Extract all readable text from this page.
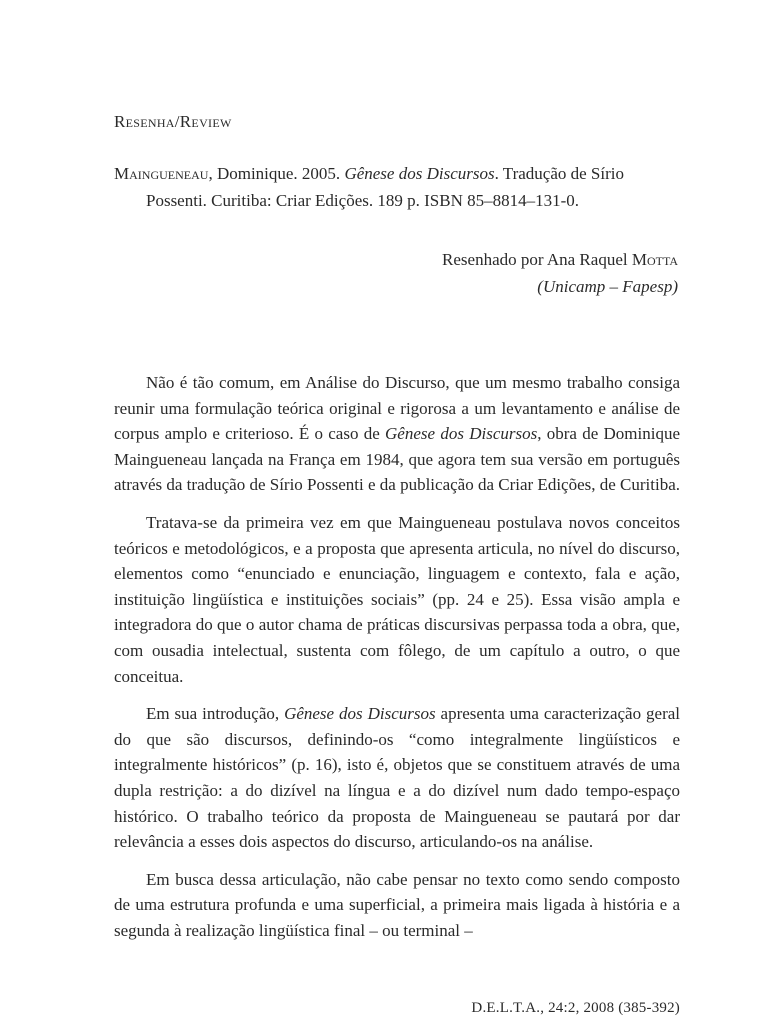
Resenha/Review
Maingueneau, Dominique. 2005. Gênese dos Discursos. Tradução de Sírio Possenti. Curitiba: Criar Edições. 189 p. ISBN 85–8814–131-0.
Resenhado por Ana Raquel Motta
(Unicamp – Fapesp)

Não é tão comum, em Análise do Discurso, que um mesmo trabalho consiga reunir uma formulação teórica original e rigorosa a um levantamento e análise de corpus amplo e criterioso. É o caso de Gênese dos Discursos, obra de Dominique Maingueneau lançada na França em 1984, que agora tem sua versão em português através da tradução de Sírio Possenti e da publicação da Criar Edições, de Curitiba.

Tratava-se da primeira vez em que Maingueneau postulava novos conceitos teóricos e metodológicos, e a proposta que apresenta articula, no nível do discurso, elementos como “enunciado e enunciação, linguagem e contexto, fala e ação, instituição lingüística e instituições sociais” (pp. 24 e 25). Essa visão ampla e integradora do que o autor chama de práticas discursivas perpassa toda a obra, que, com ousadia intelectual, sustenta com fôlego, de um capítulo a outro, o que conceitua.

Em sua introdução, Gênese dos Discursos apresenta uma caracterização geral do que são discursos, definindo-os “como integralmente lingüísticos e integralmente históricos” (p. 16), isto é, objetos que se constituem através de uma dupla restrição: a do dizível na língua e a do dizível num dado tempo-espaço histórico. O trabalho teórico da proposta de Maingueneau se pautará por dar relevância a esses dois aspectos do discurso, articulando-os na análise.

Em busca dessa articulação, não cabe pensar no texto como sendo composto de uma estrutura profunda e uma superficial, a primeira mais ligada à história e a segunda à realização lingüística final – ou terminal –

D.E.L.T.A., 24:2, 2008 (385-392)
